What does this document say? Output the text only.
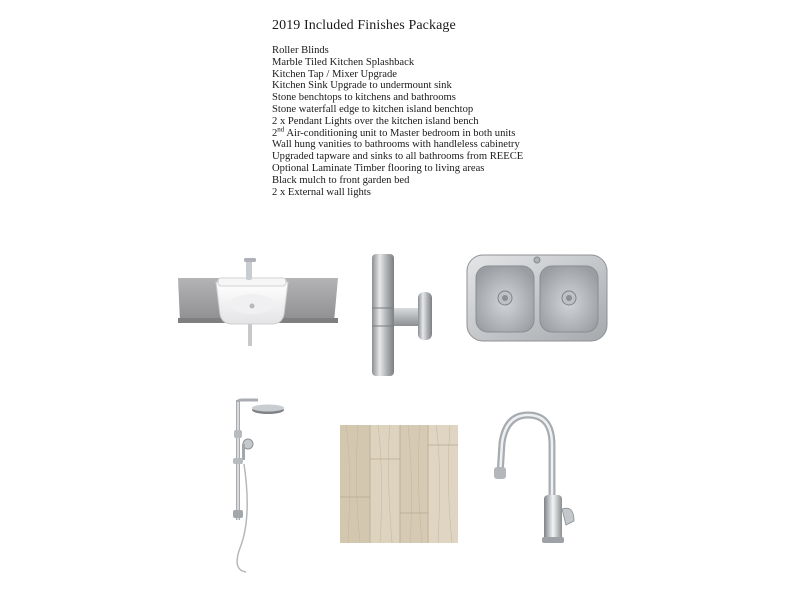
2019 Included Finishes Package
Roller Blinds
Marble Tiled Kitchen Splashback
Kitchen Tap / Mixer Upgrade
Kitchen Sink Upgrade to undermount sink
Stone benchtops to kitchens and bathrooms
Stone waterfall edge to kitchen island benchtop
2 x Pendant Lights over the kitchen island bench
2nd Air-conditioning unit to Master bedroom in both units
Wall hung vanities to bathrooms with handleless cabinetry
Upgraded tapware and sinks to all bathrooms from REECE
Optional Laminate Timber flooring to living areas
Black mulch to front garden bed
2 x External wall lights
